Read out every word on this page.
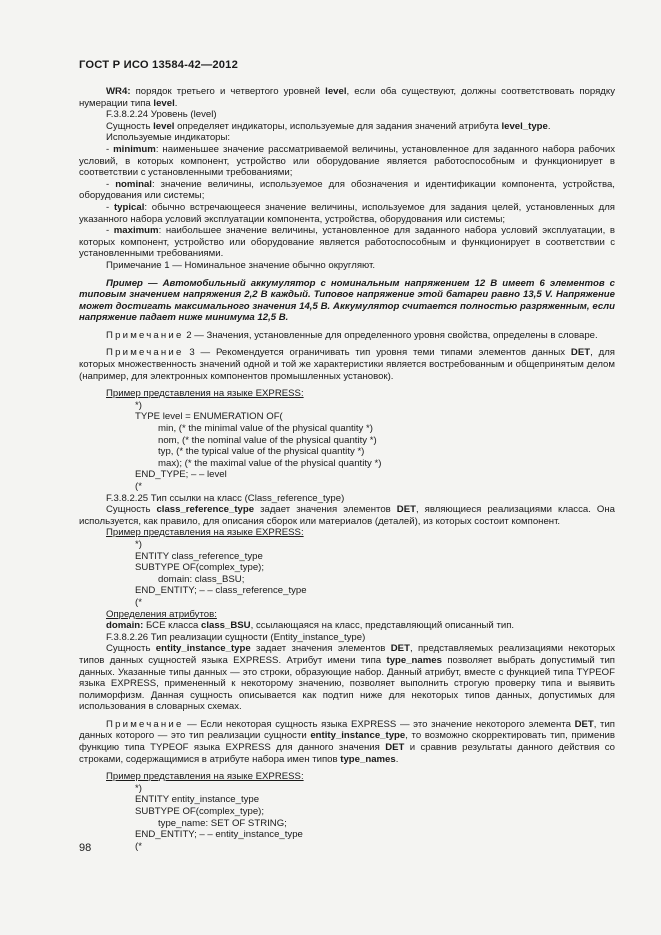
ГОСТ Р ИСО 13584-42—2012

WR4: порядок третьего и четвертого уровней level, если оба существуют, должны соответствовать порядку нумерации типа level.

F.3.8.2.24 Уровень (level)

Сущность level определяет индикаторы, используемые для задания значений атрибута level_type.

Используемые индикаторы:

- minimum: наименьшее значение рассматриваемой величины, установленное для заданного набора рабочих условий, в которых компонент, устройство или оборудование является работоспособным и функционирует в соответствии с установленными требованиями;

- nominal: значение величины, используемое для обозначения и идентификации компонента, устройства, оборудования или системы;

- typical: обычно встречающееся значение величины, используемое для задания целей, установленных для указанного набора условий эксплуатации компонента, устройства, оборудования или системы;

- maximum: наибольшее значение величины, установленное для заданного набора условий эксплуатации, в которых компонент, устройство или оборудование является работоспособным и функционирует в соответствии с установленными требованиями.

Примечание 1 — Номинальное значение обычно округляют.

Пример — Автомобильный аккумулятор с номинальным напряжением 12 В имеет 6 элементов с типовым значением напряжения 2,2 В каждый. Типовое напряжение этой батареи равно 13,5 V. Напряжение может достигать максимального значения 14,5 В. Аккумулятор считается полностью разряженным, если напряжение падает ниже минимума 12,5 В.

Примечание 2 — Значения, установленные для определенного уровня свойства, определены в словаре.

Примечание 3 — Рекомендуется ограничивать тип уровня теми типами элементов данных DET, для которых множественность значений одной и той же характеристики является востребованным и общепринятым делом (например, для электронных компонентов промышленных установок).

Пример представления на языке EXPRESS:

*)

TYPE level = ENUMERATION OF(

min, (* the minimal value of the physical quantity *)

nom, (* the nominal value of the physical quantity *)

typ, (* the typical value of the physical quantity *)

max); (* the maximal value of the physical quantity *)

END_TYPE; – – level

(*

F.3.8.2.25 Тип ссылки на класс (Class_reference_type)

Сущность class_reference_type задает значения элементов DET, являющиеся реализациями класса. Она используется, как правило, для описания сборок или материалов (деталей), из которых состоит компонент.

Пример представления на языке EXPRESS:

*)

ENTITY class_reference_type

SUBTYPE OF(complex_type);

domain: class_BSU;

END_ENTITY; – – class_reference_type

(*

Определения атрибутов:

domain: БСЕ класса class_BSU, ссылающаяся на класс, представляющий описанный тип.

F.3.8.2.26 Тип реализации сущности (Entity_instance_type)

Сущность entity_instance_type задает значения элементов DET, представляемых реализациями некоторых типов данных сущностей языка EXPRESS. Атрибут имени типа type_names позволяет выбрать допустимый тип данных. Указанные типы данных — это строки, образующие набор. Данный атрибут, вместе с функцией типа TYPEOF языка EXPRESS, примененный к некоторому значению, позволяет выполнить строгую проверку типа и выявить полиморфизм. Данная сущность описывается как подтип ниже для некоторых типов данных, допустимых для использования в словарных схемах.

Примечание — Если некоторая сущность языка EXPRESS — это значение некоторого элемента DET, тип данных которого — это тип реализации сущности entity_instance_type, то возможно скорректировать тип, применив функцию типа TYPEOF языка EXPRESS для данного значения DET и сравнив результаты данного действия со строками, содержащимися в атрибуте набора имен типов type_names.

Пример представления на языке EXPRESS:

*)

ENTITY entity_instance_type

SUBTYPE OF(complex_type);

type_name: SET OF STRING;

END_ENTITY; – – entity_instance_type

(*

98
